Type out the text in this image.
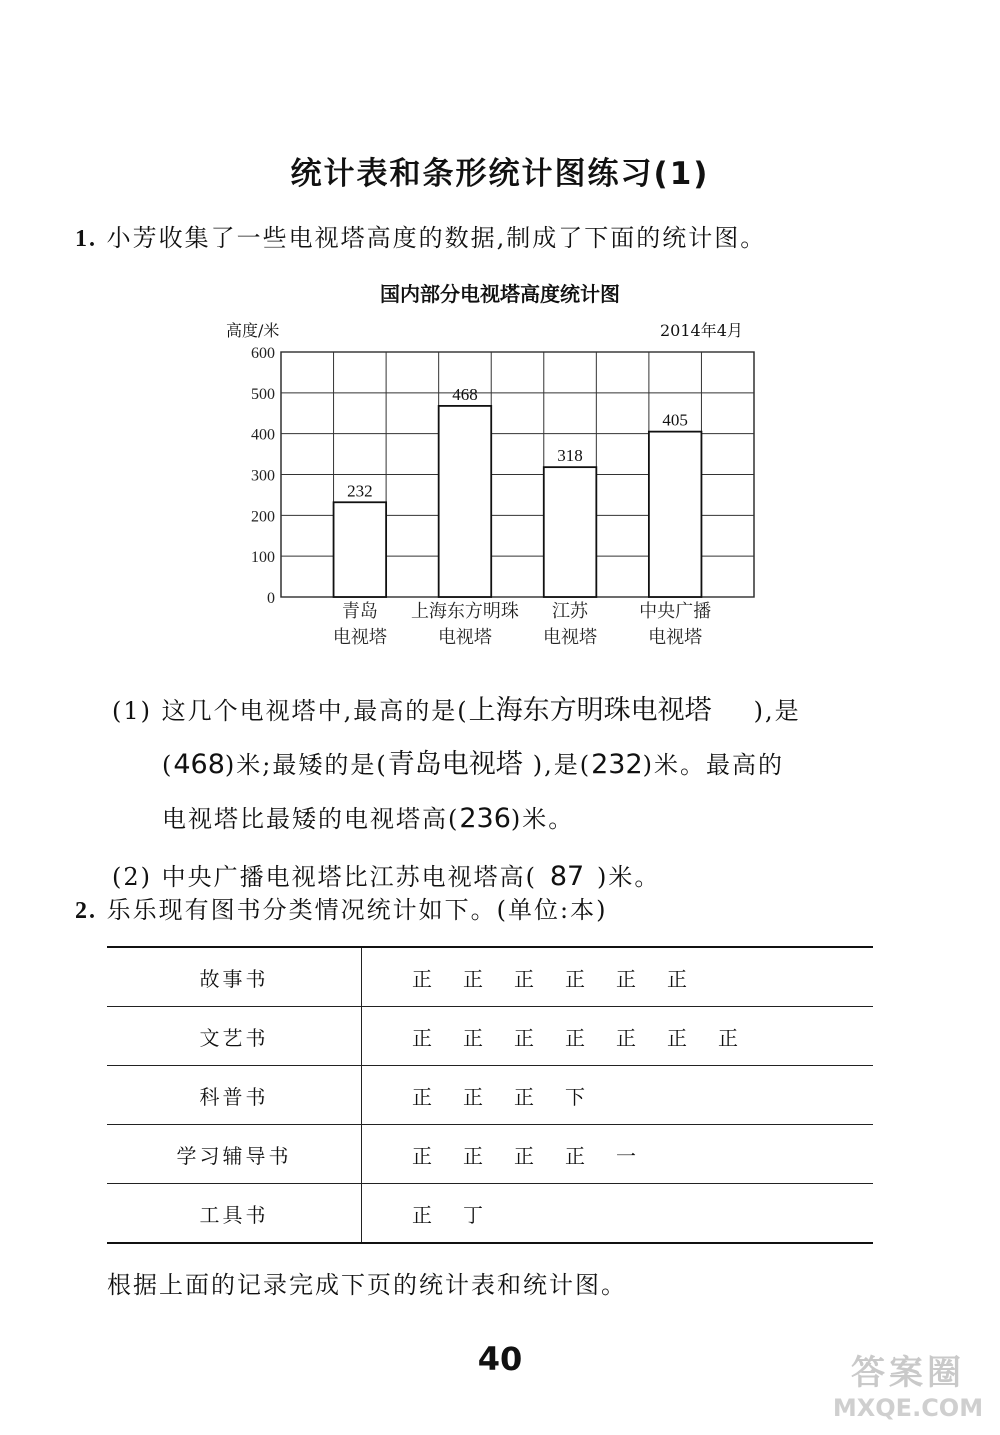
统计表和条形统计图练习(1)
1. 小芳收集了一些电视塔高度的数据,制成了下面的统计图。
国内部分电视塔高度统计图
高度/米	2014年4月
0
100
200
300
400
500
600
232
青岛
电视塔
468
上海东方明珠
电视塔
318
江苏
电视塔
405
中央广播
电视塔
(1) 这几个电视塔中,最高的是(上海东方明珠电视塔 ),是
(468)米;最矮的是(青岛电视塔 ),是(232)米。最高的
电视塔比最矮的电视塔高(236)米。
(2) 中央广播电视塔比江苏电视塔高( 87 )米。
2. 乐乐现有图书分类情况统计如下。(单位:本)
故事书	正 正 正 正 正 正
文艺书	正 正 正 正 正 正 正
科普书	正 正 正 下
学习辅导书	正 正 正 正 一
工具书	正 丁
根据上面的记录完成下页的统计表和统计图。
40	答案圈
MXQE.COM
